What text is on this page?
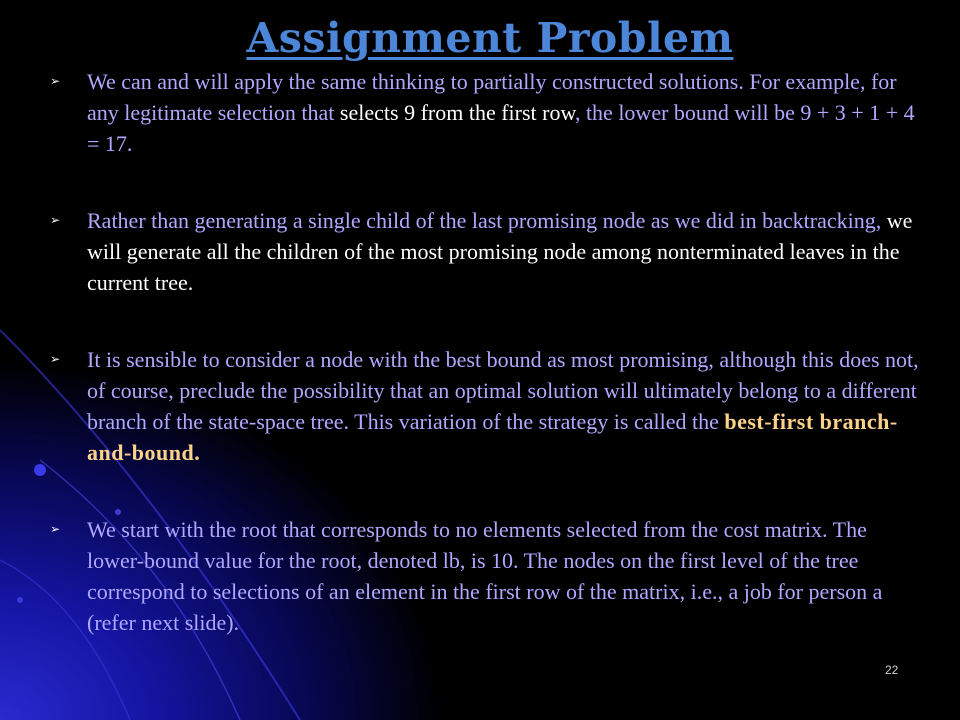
Assignment Problem
➢	We can and will apply the same thinking to partially constructed solutions. For example, for any legitimate selection that selects 9 from the first row, the lower bound will be 9 + 3 + 1 + 4 = 17.
➢	Rather than generating a single child of the last promising node as we did in backtracking, we will generate all the children of the most promising node among nonterminated leaves in the current tree.
➢	It is sensible to consider a node with the best bound as most promising, although this does not, of course, preclude the possibility that an optimal solution will ultimately belong to a different branch of the state-space tree. This variation of the strategy is called the best-first branch-and-bound.
➢	We start with the root that corresponds to no elements selected from the cost matrix. The lower-bound value for the root, denoted lb, is 10. The nodes on the first level of the tree correspond to selections of an element in the first row of the matrix, i.e., a job for person a (refer next slide).
22
